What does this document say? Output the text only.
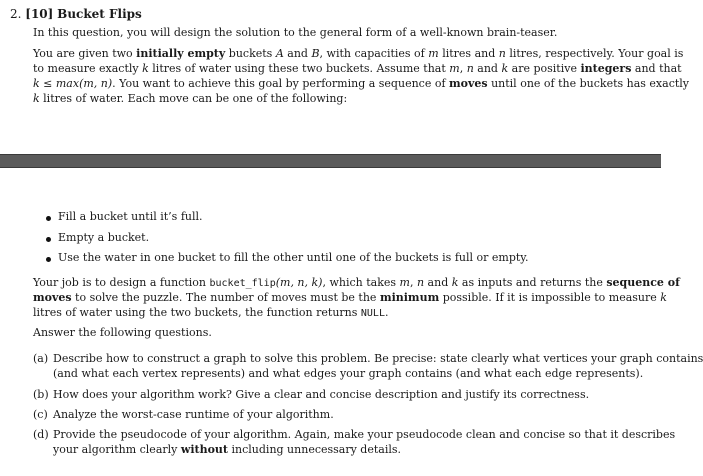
2. [10] Bucket Flips
In this question, you will design the solution to the general form of a well-known brain-teaser.
You are given two initially empty buckets A and B, with capacities of m litres and n litres, respectively. Your goal is
to measure exactly k litres of water using these two buckets. Assume that m, n and k are positive integers and that
k ≤ max(m, n). You want to achieve this goal by performing a sequence of moves until one of the buckets has exactly
k litres of water. Each move can be one of the following:
Fill a bucket until it’s full.
Empty a bucket.
Use the water in one bucket to fill the other until one of the buckets is full or empty.
Your job is to design a function bucket_flip(m, n, k), which takes m, n and k as inputs and returns the sequence of
moves to solve the puzzle. The number of moves must be the minimum possible. If it is impossible to measure k
litres of water using the two buckets, the function returns NULL.
Answer the following questions.
(a) Describe how to construct a graph to solve this problem. Be precise: state clearly what vertices your graph contains
(and what each vertex represents) and what edges your graph contains (and what each edge represents).
(b) How does your algorithm work? Give a clear and concise description and justify its correctness.
(c) Analyze the worst-case runtime of your algorithm.
(d) Provide the pseudocode of your algorithm. Again, make your pseudocode clean and concise so that it describes
your algorithm clearly without including unnecessary details.
